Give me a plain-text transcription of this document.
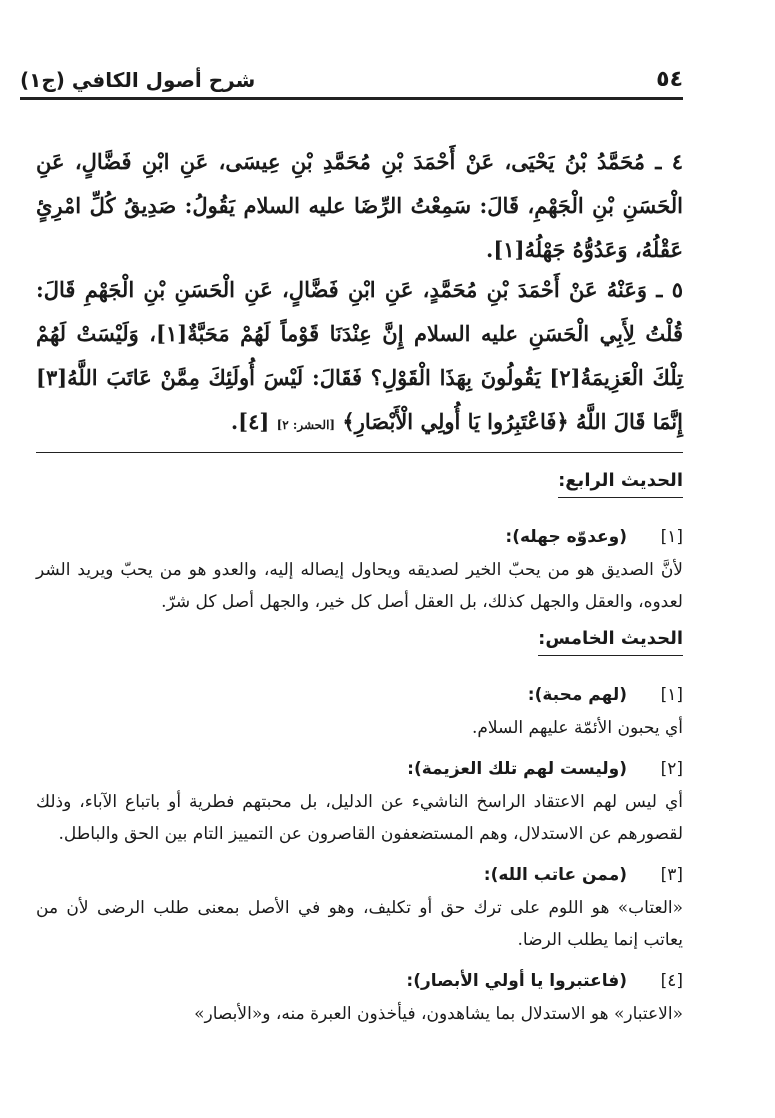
٥٤
شرح أصول الكافي (ج١)
٤ ـ مُحَمَّدُ بْنُ يَحْيَى، عَنْ أَحْمَدَ بْنِ مُحَمَّدِ بْنِ عِيسَى، عَنِ ابْنِ فَضَّالٍ، عَنِ الْحَسَنِ بْنِ الْجَهْمِ، قَالَ: سَمِعْتُ الرِّضَا عليه السلام يَقُولُ: صَدِيقُ كُلِّ امْرِئٍ عَقْلُهُ، وَعَدُوُّهُ جَهْلُهُ[١].
٥ ـ وَعَنْهُ عَنْ أَحْمَدَ بْنِ مُحَمَّدٍ، عَنِ ابْنِ فَضَّالٍ، عَنِ الْحَسَنِ بْنِ الْجَهْمِ قَالَ: قُلْتُ لِأَبِي الْحَسَنِ عليه السلام إِنَّ عِنْدَنَا قَوْماً لَهُمْ مَحَبَّةٌ[١]، وَلَيْسَتْ لَهُمْ تِلْكَ الْعَزِيمَةُ[٢] يَقُولُونَ بِهَذَا الْقَوْلِ؟ فَقَالَ: لَيْسَ أُولَئِكَ مِمَّنْ عَاتَبَ اللَّهُ[٣] إِنَّمَا قَالَ اللَّهُ ﴿فَاعْتَبِرُوا يَا أُولِي الْأَبْصَارِ﴾ [الحشر: ٢] [٤].
الحديث الرابع:
[١]
(وعدوّه جهله):
لأنَّ الصديق هو من يحبّ الخير لصديقه ويحاول إيصاله إليه، والعدو هو من يحبّ ويريد الشر لعدوه، والعقل والجهل كذلك، بل العقل أصل كل خير، والجهل أصل كل شرّ.
الحديث الخامس:
[١]
(لهم محبة):
أي يحبون الأئمّة عليهم السلام.
[٢]
(وليست لهم تلك العزيمة):
أي ليس لهم الاعتقاد الراسخ الناشيء عن الدليل، بل محبتهم فطرية أو باتباع الآباء، وذلك لقصورهم عن الاستدلال، وهم المستضعفون القاصرون عن التمييز التام بين الحق والباطل.
[٣]
(ممن عاتب الله):
«العتاب» هو اللوم على ترك حق أو تكليف، وهو في الأصل بمعنى طلب الرضى لأن من يعاتب إنما يطلب الرضا.
[٤]
(فاعتبروا يا أولي الأبصار):
«الاعتبار» هو الاستدلال بما يشاهدون، فيأخذون العبرة منه، و«الأبصار»
